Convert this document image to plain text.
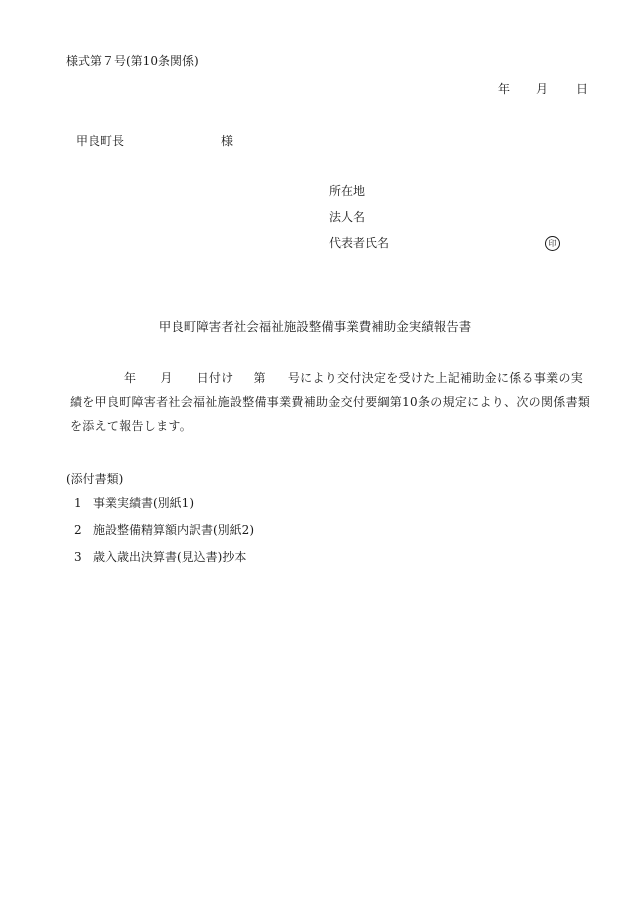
様式第７号(第10条関係)
年 月 日
甲良町長	様
所在地
法人名
代表者氏名	印
甲良町障害者社会福祉施設整備事業費補助金実績報告書
年 月 日付け 第 号により交付決定を受けた上記補助金に係る事業の実
績を甲良町障害者社会福祉施設整備事業費補助金交付要綱第10条の規定により、次の関係書類
を添えて報告します。
(添付書類)
1 事業実績書(別紙1)
2 施設整備精算額内訳書(別紙2)
3 歳入歳出決算書(見込書)抄本
